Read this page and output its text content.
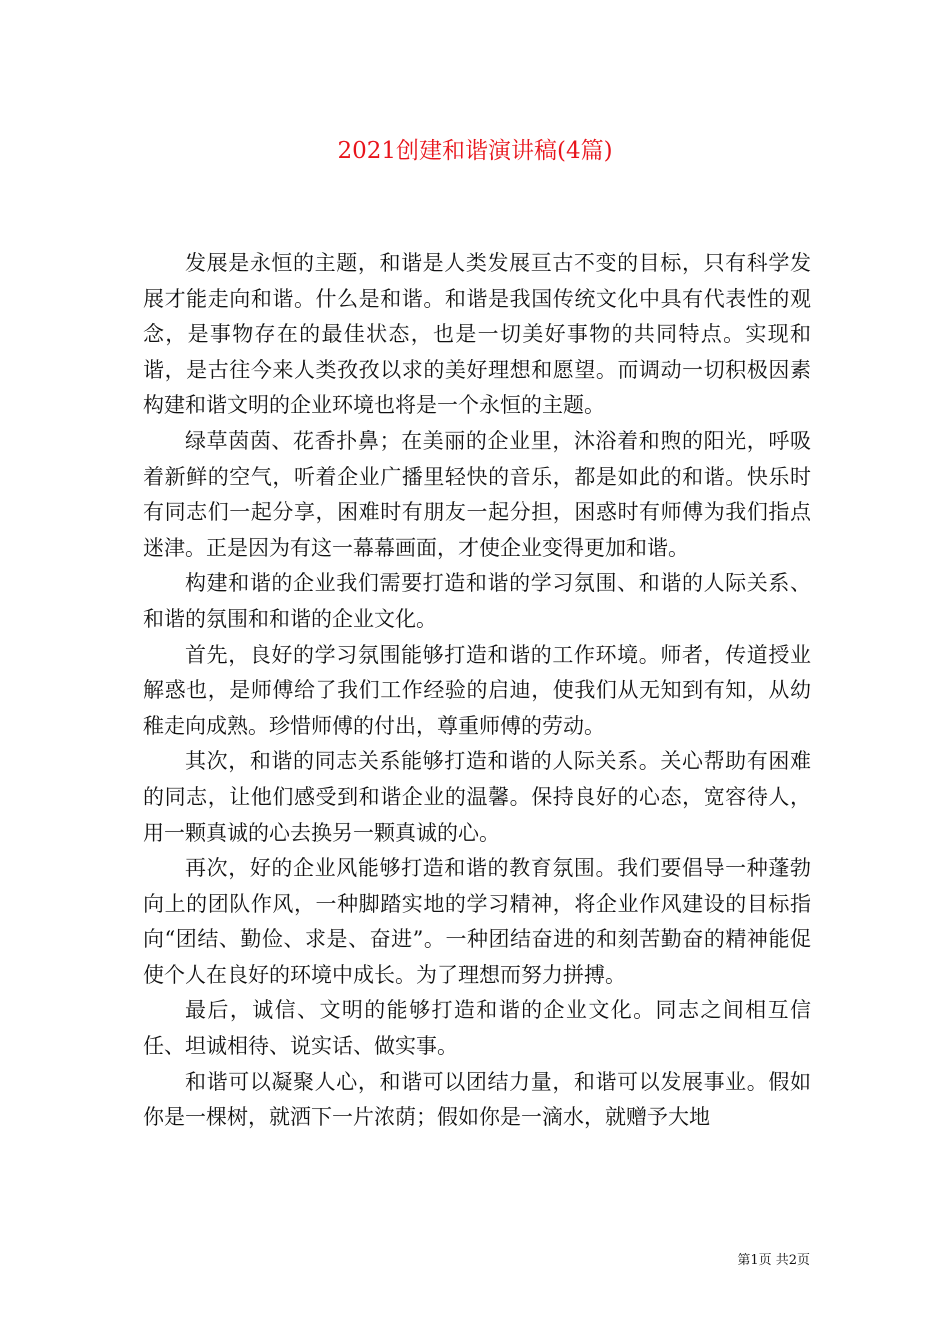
2021创建和谐演讲稿(4篇)

发展是永恒的主题，和谐是人类发展亘古不变的目标，只有科学发展才能走向和谐。什么是和谐。和谐是我国传统文化中具有代表性的观念，是事物存在的最佳状态，也是一切美好事物的共同特点。实现和谐，是古往今来人类孜孜以求的美好理想和愿望。而调动一切积极因素构建和谐文明的企业环境也将是一个永恒的主题。

绿草茵茵、花香扑鼻；在美丽的企业里，沐浴着和煦的阳光，呼吸着新鲜的空气，听着企业广播里轻快的音乐，都是如此的和谐。快乐时有同志们一起分享，困难时有朋友一起分担，困惑时有师傅为我们指点迷津。正是因为有这一幕幕画面，才使企业变得更加和谐。

构建和谐的企业我们需要打造和谐的学习氛围、和谐的人际关系、和谐的氛围和和谐的企业文化。

首先，良好的学习氛围能够打造和谐的工作环境。师者，传道授业解惑也，是师傅给了我们工作经验的启迪，使我们从无知到有知，从幼稚走向成熟。珍惜师傅的付出，尊重师傅的劳动。

其次，和谐的同志关系能够打造和谐的人际关系。关心帮助有困难的同志，让他们感受到和谐企业的温馨。保持良好的心态，宽容待人，用一颗真诚的心去换另一颗真诚的心。

再次，好的企业风能够打造和谐的教育氛围。我们要倡导一种蓬勃向上的团队作风，一种脚踏实地的学习精神，将企业作风建设的目标指向“团结、勤俭、求是、奋进”。一种团结奋进的和刻苦勤奋的精神能促使个人在良好的环境中成长。为了理想而努力拼搏。

最后，诚信、文明的能够打造和谐的企业文化。同志之间相互信任、坦诚相待、说实话、做实事。

和谐可以凝聚人心，和谐可以团结力量，和谐可以发展事业。假如你是一棵树，就洒下一片浓荫；假如你是一滴水，就赠予大地

第1页 共2页
